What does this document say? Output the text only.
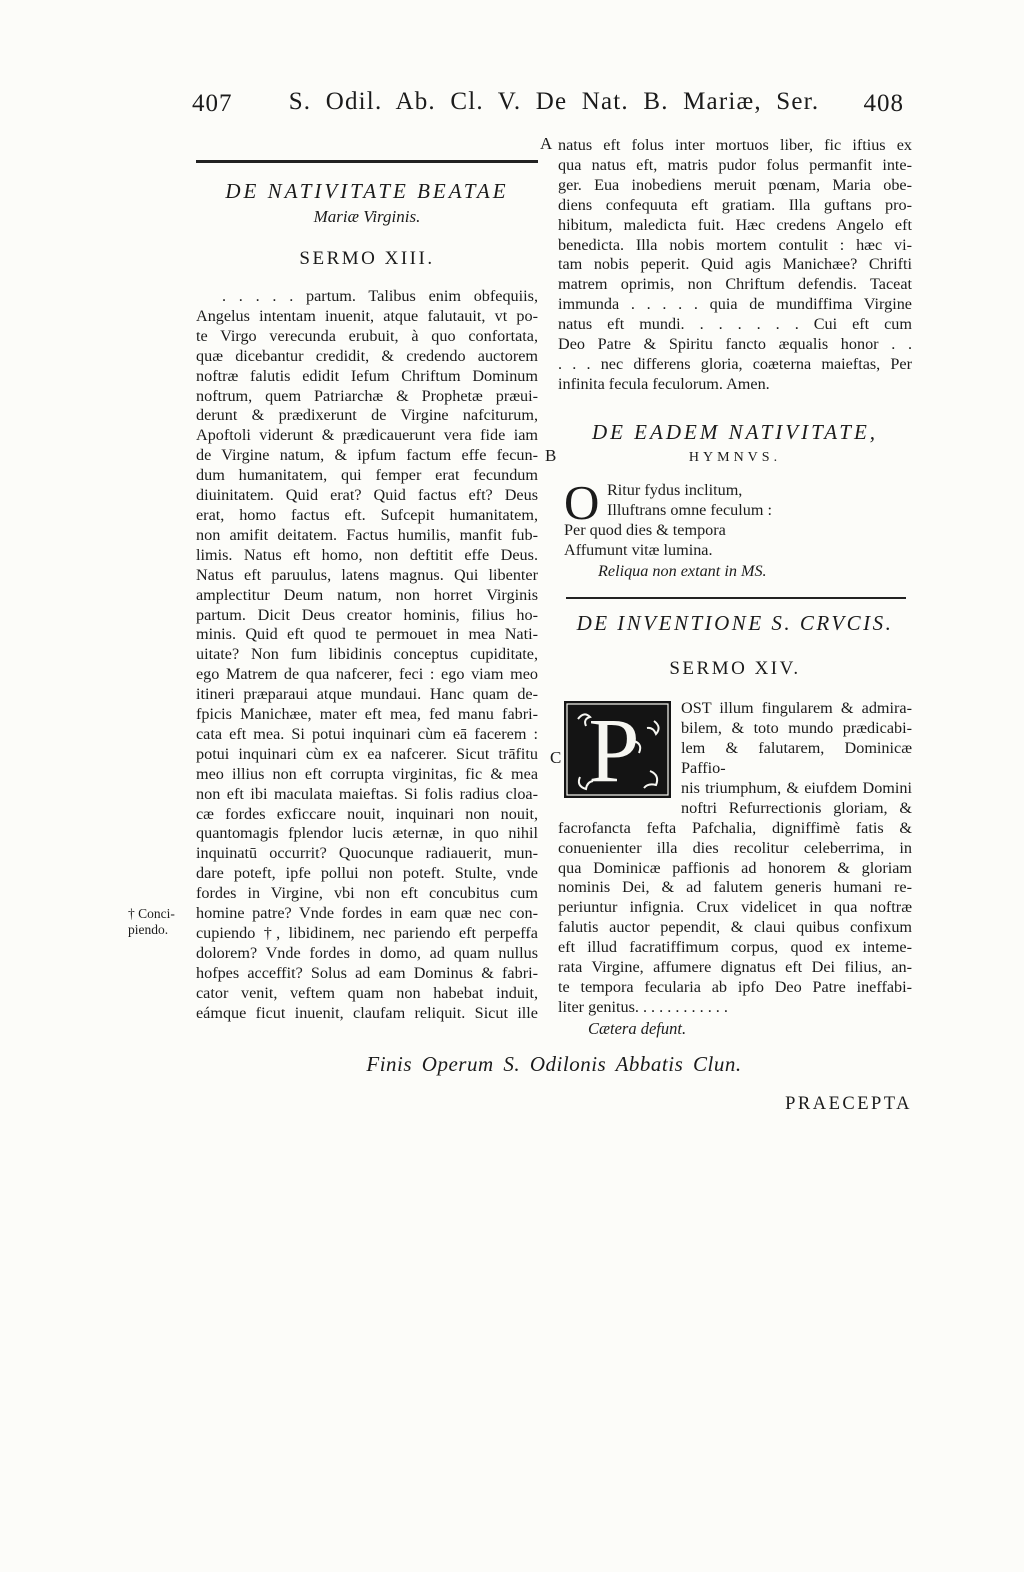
407	S. Odil. Ab. Cl. V. De Nat. B. Mariæ, Ser.	408
A
B
C
† Conci-
piendo.
DE NATIVITATE BEATAE
Mariæ Virginis.
SERMO XIII.
. . . . . partum. Talibus enim obfequiis,
Angelus intentam inuenit, atque falutauit, vt po-
te Virgo verecunda erubuit, à quo confortata,
quæ dicebantur credidit, & credendo auctorem
noftræ falutis edidit Iefum Chriftum Dominum
noftrum, quem Patriarchæ & Prophetæ præui-
derunt & prædixerunt de Virgine nafciturum,
Apoftoli viderunt & prædicauerunt vera fide iam
de Virgine natum, & ipfum factum effe fecun-
dum humanitatem, qui femper erat fecundum
diuinitatem. Quid erat? Quid factus eft? Deus
erat, homo factus eft. Sufcepit humanitatem,
non amifit deitatem. Factus humilis, manfit fub-
limis. Natus eft homo, non deftitit effe Deus.
Natus eft paruulus, latens magnus. Qui libenter
amplectitur Deum natum, non horret Virginis
partum. Dicit Deus creator hominis, filius ho-
minis. Quid eft quod te permouet in mea Nati-
uitate? Non fum libidinis conceptus cupiditate,
ego Matrem de qua nafcerer, feci : ego viam meo
itineri præparaui atque mundaui. Hanc quam de-
fpicis Manichæe, mater eft mea, fed manu fabri-
cata eft mea. Si potui inquinari cùm eā facerem :
potui inquinari cùm ex ea nafcerer. Sicut trāfitu
meo illius non eft corrupta virginitas, fic & mea
non eft ibi maculata maieftas. Si folis radius cloa-
cæ fordes exficcare nouit, inquinari non nouit,
quantomagis fplendor lucis æternæ, in quo nihil
inquinatū occurrit? Quocunque radiauerit, mun-
dare poteft, ipfe pollui non poteft. Stulte, vnde
fordes in Virgine, vbi non eft concubitus cum
homine patre? Vnde fordes in eam quæ nec con-
cupiendo †, libidinem, nec pariendo eft perpeffa
dolorem? Vnde fordes in domo, ad quam nullus
hofpes acceffit? Solus ad eam Dominus & fabri-
cator venit, veftem quam non habebat induit,
eámque ficut inuenit, claufam reliquit. Sicut ille
natus eft folus inter mortuos liber, fic iftius ex
qua natus eft, matris pudor folus permanfit inte-
ger. Eua inobediens meruit pœnam, Maria obe-
diens confequuta eft gratiam. Illa guftans pro-
hibitum, maledicta fuit. Hæc credens Angelo eft
benedicta. Illa nobis mortem contulit : hæc vi-
tam nobis peperit. Quid agis Manichæe? Chrifti
matrem oprimis, non Chriftum defendis. Taceat
immunda . . . . . quia de mundiffima Virgine
natus eft mundi. . . . . . . Cui eft cum
Deo Patre & Spiritu fancto æqualis honor . .
. . . nec differens gloria, coæterna maieftas, Per
infinita fecula feculorum. Amen.
DE EADEM NATIVITATE,
HYMNVS.
O Ritur fydus inclitum,
Illuftrans omne feculum :
Per quod dies & tempora
Affumunt vitæ lumina.
Reliqua non extant in MS.
DE INVENTIONE S. CRVCIS.
SERMO XIV.
P	OST illum fingularem & admira-
bilem, & toto mundo prædicabi-
lem & falutarem, Dominicæ Paffio-
nis triumphum, & eiufdem Domini
noftri Refurrectionis gloriam, &
facrofancta fefta Pafchalia, digniffimè fatis &
conuenienter illa dies recolitur celeberrima, in
qua Dominicæ paffionis ad honorem & gloriam
nominis Dei, & ad falutem generis humani re-
periuntur infignia. Crux videlicet in qua noftræ
falutis auctor pependit, & claui quibus confixum
eft illud facratiffimum corpus, quod ex inteme-
rata Virgine, affumere dignatus eft Dei filius, an-
te tempora fecularia ab ipfo Deo Patre ineffabi-
liter genitus. . . . . . . . . . . .
Cætera defunt.
Finis Operum S. Odilonis Abbatis Clun.
PRAECEPTA
